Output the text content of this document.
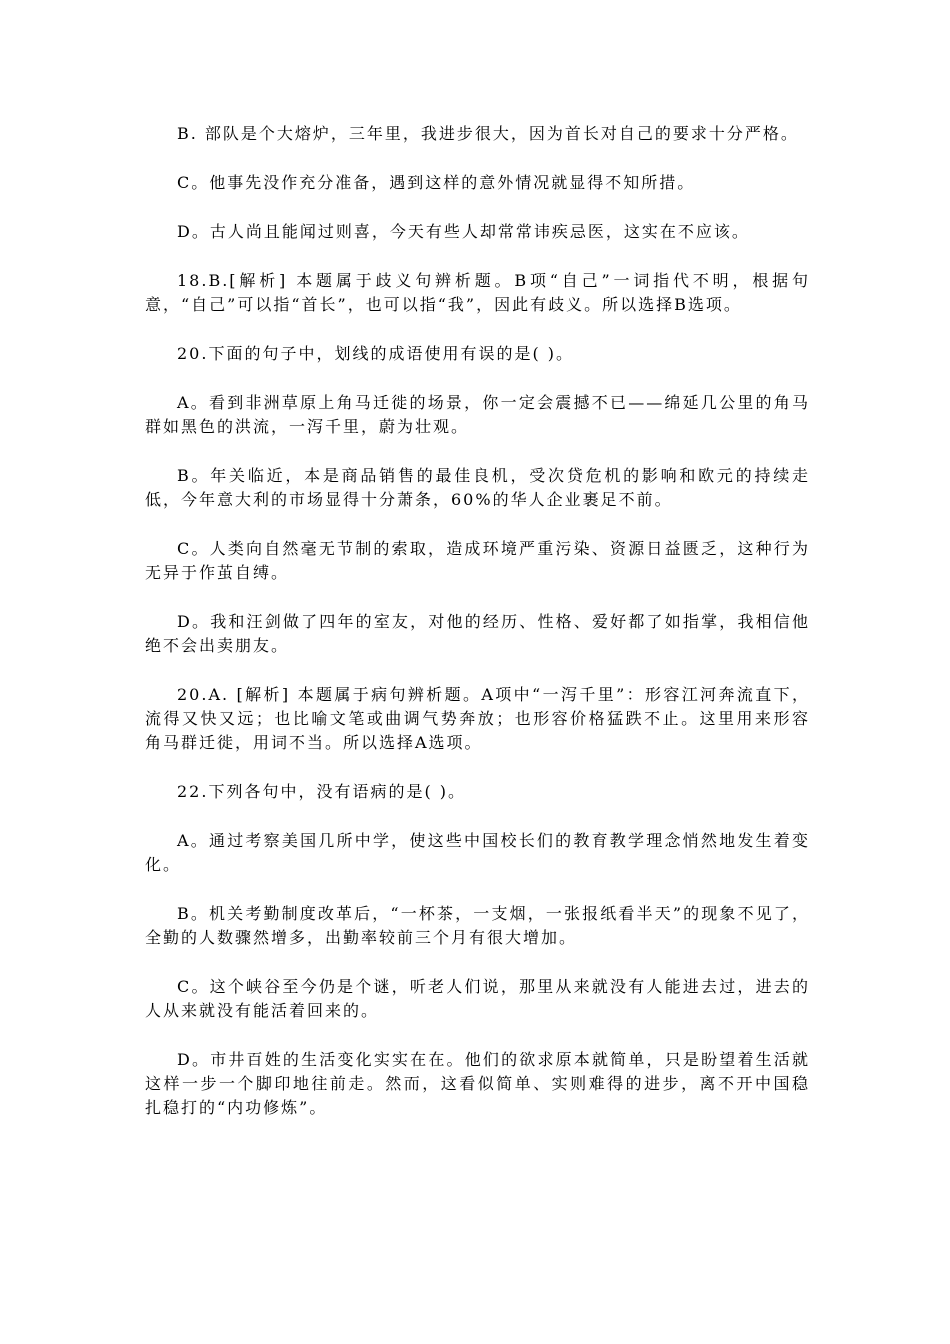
B. 部队是个大熔炉，三年里，我进步很大，因为首长对自己的要求十分严格。

C。他事先没作充分准备，遇到这样的意外情况就显得不知所措。

D。古人尚且能闻过则喜，今天有些人却常常讳疾忌医，这实在不应该。

18.B.[解析] 本题属于歧义句辨析题。B项“自己”一词指代不明，根据句意，“自己”可以指“首长”，也可以指“我”，因此有歧义。所以选择B选项。

20.下面的句子中，划线的成语使用有误的是( )。

A。看到非洲草原上角马迁徙的场景，你一定会震撼不已——绵延几公里的角马群如黑色的洪流，一泻千里，蔚为壮观。

B。年关临近，本是商品销售的最佳良机，受次贷危机的影响和欧元的持续走低，今年意大利的市场显得十分萧条，60%的华人企业裹足不前。

C。人类向自然毫无节制的索取，造成环境严重污染、资源日益匮乏，这种行为无异于作茧自缚。

D。我和汪剑做了四年的室友，对他的经历、性格、爱好都了如指掌，我相信他绝不会出卖朋友。

20.A. [解析] 本题属于病句辨析题。A项中“一泻千里”：形容江河奔流直下，流得又快又远；也比喻文笔或曲调气势奔放；也形容价格猛跌不止。这里用来形容角马群迁徙，用词不当。所以选择A选项。

22.下列各句中，没有语病的是( )。

A。通过考察美国几所中学，使这些中国校长们的教育教学理念悄然地发生着变化。

B。机关考勤制度改革后，“一杯茶，一支烟，一张报纸看半天”的现象不见了，全勤的人数骤然增多，出勤率较前三个月有很大增加。

C。这个峡谷至今仍是个谜，听老人们说，那里从来就没有人能进去过，进去的人从来就没有能活着回来的。

D。市井百姓的生活变化实实在在。他们的欲求原本就简单，只是盼望着生活就这样一步一个脚印地往前走。然而，这看似简单、实则难得的进步，离不开中国稳扎稳打的“内功修炼”。
